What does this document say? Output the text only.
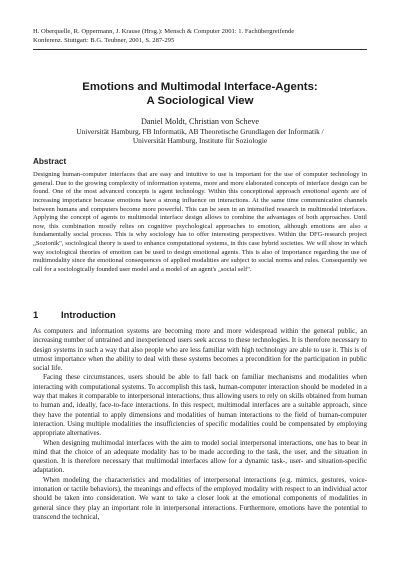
H. Oberquelle, R. Oppermann, J. Krause (Hrsg.): Mensch & Computer 2001: 1. Fachübergreifende
Konferenz. Stuttgart: B.G. Teubner, 2001, S. 287-295
Emotions and Multimodal Interface-Agents:
A Sociological View
Daniel Moldt, Christian von Scheve
Universität Hamburg, FB Informatik, AB Theoretische Grundlagen der Informatik /
Universität Hamburg, Institute für Soziologie
Abstract
Designing human-computer interfaces that are easy and intuitive to use is important for the use of computer technology in general. Due to the growing complexity of information systems, more and more elaborated concepts of interface design can be found. One of the most advanced concepts is agent technology. Within this conceptional approach emotional agents are of increasing importance because emotions have a strong influence on interactions. At the same time communication channels between humans and computers become more powerful. This can be seen in an intensified research in multimodal interfaces. Applying the concept of agents to multimodal interface design allows to combine the advantages of both approaches. Until now, this combination mostly relies on cognitive psychological approaches to emotion, although emotions are also a fundamentally social process. This is why sociology has to offer interesting perspectives. Within the DFG-research project „Sozionik", sociological theory is used to enhance computational systems, in this case hybrid societies. We will show in which way sociological theories of emotion can be used to design emotional agents. This is also of importance regarding the use of multimodality since the emotional consequences of applied modalities are subject to social norms and rules. Consequently we call for a sociologically founded user model and a model of an agent's „social self".
1 Introduction

As computers and information systems are becoming more and more widespread within the general public, an increasing number of untrained and inexperienced users seek access to these technologies. It is therefore necessary to design systems in such a way that also people who are less familiar with high technology are able to use it. This is of utmost importance when the ability to deal with these systems becomes a precondition for the participation in public social life.

Facing these circumstances, users should be able to fall back on familiar mechanisms and modalities when interacting with computational systems. To accomplish this task, human-computer interaction should be modeled in a way that makes it comparable to interpersonal interactions, thus allowing users to rely on skills obtained from human to human and, ideally, face-to-face interactions. In this respect, multimodal interfaces are a suitable approach, since they have the potential to apply dimensions and modalities of human interactions to the field of human-computer interaction. Using multiple modalities the insufficiencies of specific modalities could be compensated by employing appropriate alternatives.

When designing multimodal interfaces with the aim to model social interpersonal interactions, one has to bear in mind that the choice of an adequate modality has to be made according to the task, the user, and the situation in question. It is therefore necessary that multimodal interfaces allow for a dynamic task-, user- and situation-specific adaptation.

When modeling the characteristics and modalities of interpersonal interactions (e.g. mimics, gestures, voice-intonation or tactile behaviors), the meanings and effects of the employed modality with respect to an individual actor should be taken into consideration. We want to take a closer look at the emotional components of modalities in general since they play an important role in interpersonal interactions. Furthermore, emotions have the potential to transcend the technical,
